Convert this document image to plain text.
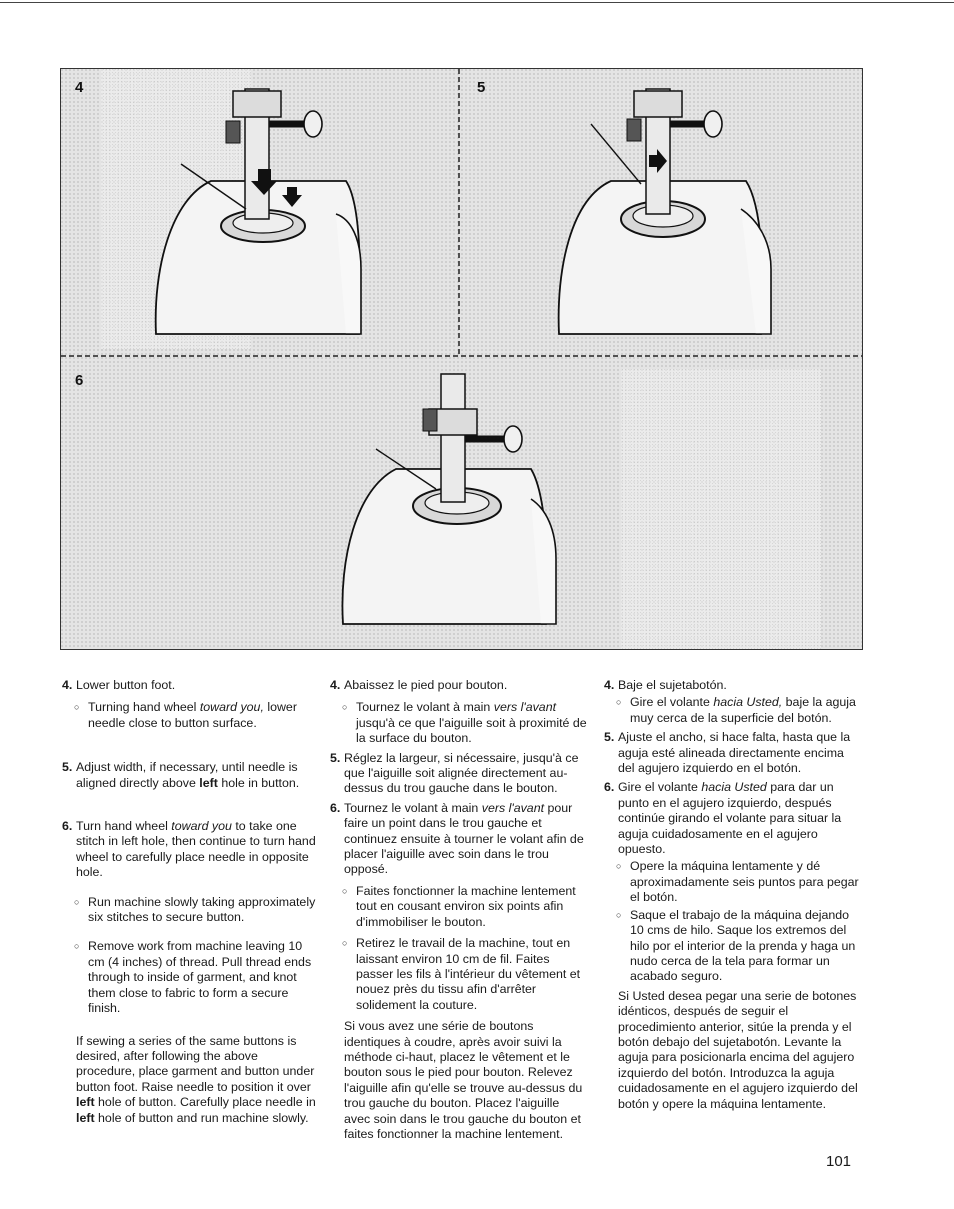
4	5
6

4. Lower button foot.

○ Turning hand wheel toward you, lower needle close to button surface.

5. Adjust width, if necessary, until needle is aligned directly above left hole in button.

6. Turn hand wheel toward you to take one stitch in left hole, then continue to turn hand wheel to carefully place needle in opposite hole.

○ Run machine slowly taking approximately six stitches to secure button.

○ Remove work from machine leaving 10 cm (4 inches) of thread. Pull thread ends through to inside of garment, and knot them close to fabric to form a secure finish.

If sewing a series of the same buttons is desired, after following the above procedure, place garment and button under button foot. Raise needle to position it over left hole of button. Carefully place needle in left hole of button and run machine slowly.

4. Abaissez le pied pour bouton.

○ Tournez le volant à main vers l'avant jusqu'à ce que l'aiguille soit à proximité de la surface du bouton.

5. Réglez la largeur, si nécessaire, jusqu'à ce que l'aiguille soit alignée directement au-dessus du trou gauche dans le bouton.

6. Tournez le volant à main vers l'avant pour faire un point dans le trou gauche et continuez ensuite à tourner le volant afin de placer l'aiguille avec soin dans le trou opposé.

○ Faites fonctionner la machine lentement tout en cousant environ six points afin d'immobiliser le bouton.

○ Retirez le travail de la machine, tout en laissant environ 10 cm de fil. Faites passer les fils à l'intérieur du vêtement et nouez près du tissu afin d'arrêter solidement la couture.

Si vous avez une série de boutons identiques à coudre, après avoir suivi la méthode ci-haut, placez le vêtement et le bouton sous le pied pour bouton. Relevez l'aiguille afin qu'elle se trouve au-dessus du trou gauche du bouton. Placez l'aiguille avec soin dans le trou gauche du bouton et faites fonctionner la machine lentement.

4. Baje el sujetabotón.

○ Gire el volante hacia Usted, baje la aguja muy cerca de la superficie del botón.

5. Ajuste el ancho, si hace falta, hasta que la aguja esté alineada directamente encima del agujero izquierdo en el botón.

6. Gire el volante hacia Usted para dar un punto en el agujero izquierdo, después continúe girando el volante para situar la aguja cuidadosamente en el agujero opuesto.

○ Opere la máquina lentamente y dé aproximadamente seis puntos para pegar el botón.

○ Saque el trabajo de la máquina dejando 10 cms de hilo. Saque los extremos del hilo por el interior de la prenda y haga un nudo cerca de la tela para formar un acabado seguro.

Si Usted desea pegar una serie de botones idénticos, después de seguir el procedimiento anterior, sitúe la prenda y el botón debajo del sujetabotón. Levante la aguja para posicionarla encima del agujero izquierdo del botón. Introduzca la aguja cuidadosamente en el agujero izquierdo del botón y opere la máquina lentamente.

101
